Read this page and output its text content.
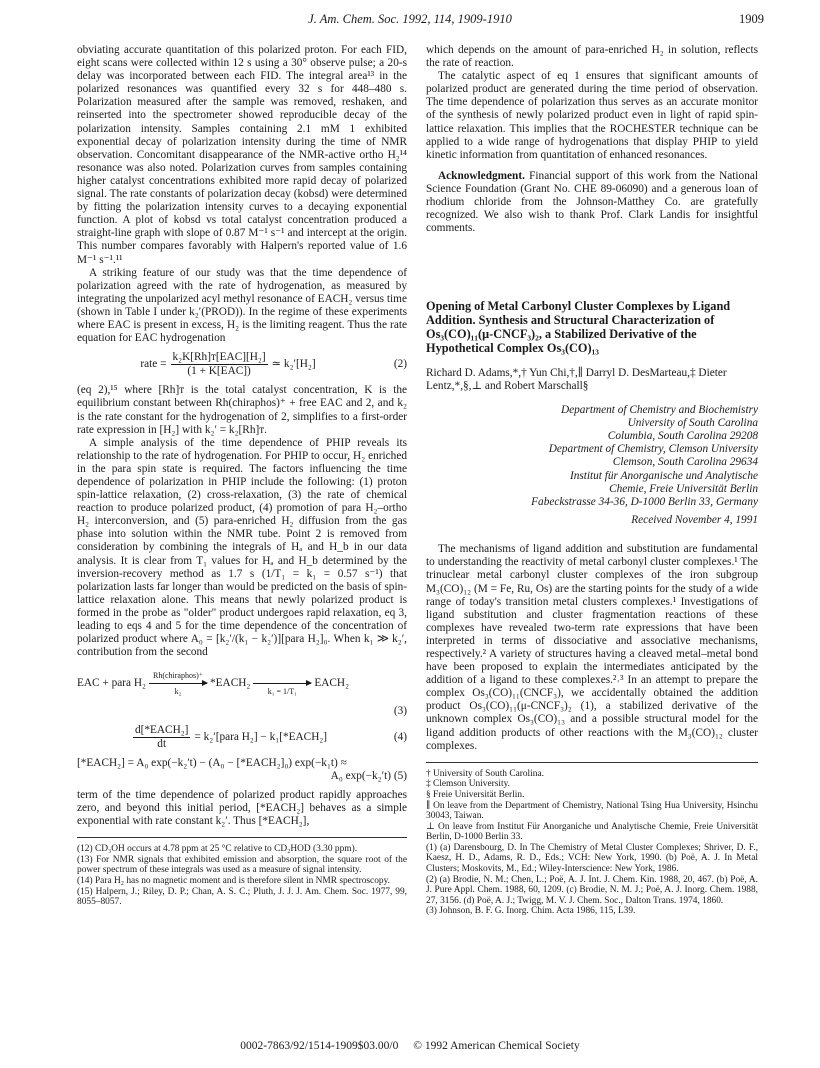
J. Am. Chem. Soc. 1992, 114, 1909-1910	1909

obviating accurate quantitation of this polarized proton. For each FID, eight scans were collected within 12 s using a 30° observe pulse; a 20-s delay was incorporated between each FID. The integral area¹³ in the polarized resonances was quantified every 32 s for 448–480 s. Polarization measured after the sample was removed, reshaken, and reinserted into the spectrometer showed reproducible decay of the polarization intensity. Samples containing 2.1 mM 1 exhibited exponential decay of polarization intensity during the time of NMR observation. Concomitant disappearance of the NMR-active ortho H₂¹⁴ resonance was also noted. Polarization curves from samples containing higher catalyst concentrations exhibited more rapid decay of polarized signal. The rate constants of polarization decay (kobsd) were determined by fitting the polarization intensity curves to a decaying exponential function. A plot of kobsd vs total catalyst concentration produced a straight-line graph with slope of 0.87 M⁻¹ s⁻¹ and intercept at the origin. This number compares favorably with Halpern's reported value of 1.6 M⁻¹ s⁻¹.¹¹

A striking feature of our study was that the time dependence of polarization agreed with the rate of hydrogenation, as measured by integrating the unpolarized acyl methyl resonance of EACH₂ versus time (shown in Table I under k₂′(PROD)). In the regime of these experiments where EAC is present in excess, H₂ is the limiting reagent. Thus the rate equation for EAC hydrogenation

rate = $\frac{\text{k₂K[Rh]ᴛ[EAC][H₂]}}{\text{(1 + K[EAC])}}$ ≃ k₂′[H₂]	(2)

(eq 2),¹⁵ where [Rh]ᴛ is the total catalyst concentration, K is the equilibrium constant between Rh(chiraphos)⁺ + free EAC and 2, and k₂ is the rate constant for the hydrogenation of 2, simplifies to a first-order rate expression in [H₂] with k₂′ = k₂[Rh]ᴛ.

A simple analysis of the time dependence of PHIP reveals its relationship to the rate of hydrogenation. For PHIP to occur, H₂ enriched in the para spin state is required. The factors influencing the time dependence of polarization in PHIP include the following: (1) proton spin-lattice relaxation, (2) cross-relaxation, (3) the rate of chemical reaction to produce polarized product, (4) promotion of para H₂–ortho H₂ interconversion, and (5) para-enriched H₂ diffusion from the gas phase into solution within the NMR tube. Point 2 is removed from consideration by combining the integrals of Hₐ and H_b in our data analysis. It is clear from T₁ values for Hₐ and H_b determined by the inversion-recovery method as 1.7 s (1/T₁ = k₁ = 0.57 s⁻¹) that polarization lasts far longer than would be predicted on the basis of spin-lattice relaxation alone. This means that newly polarized product is formed in the probe as "older" product undergoes rapid relaxation, eq 3, leading to eqs 4 and 5 for the time dependence of the concentration of polarized product where A₀ = [k₂′/(k₁ − k₂′)][para H₂]₀. When k₁ ≫ k₂′, contribution from the second

EAC + para H₂
Rh(chiraphos)⁺
k₂
*EACH₂

k₁ = 1/T₁
EACH₂
(3)
$\frac{\text{d[*EACH₂]}}{dt}$ = k₂′[para H₂] − k₁[*EACH₂]	(4)
[*EACH₂] = A₀ exp(−k₂′t) − (A₀ − [*EACH₂]₀) exp(−k₁t) ≈
A₀ exp(−k₂′t) (5)

term of the time dependence of polarized product rapidly approaches zero, and beyond this initial period, [*EACH₂] behaves as a simple exponential with rate constant k₂′. Thus [*EACH₂],

(12) CD₃OH occurs at 4.78 ppm at 25 °C relative to CD₂HOD (3.30 ppm).

(13) For NMR signals that exhibited emission and absorption, the square root of the power spectrum of these integrals was used as a measure of signal intensity.

(14) Para H₂ has no magnetic moment and is therefore silent in NMR spectroscopy.

(15) Halpern, J.; Riley, D. P.; Chan, A. S. C.; Pluth, J. J. J. Am. Chem. Soc. 1977, 99, 8055–8057.

which depends on the amount of para-enriched H₂ in solution, reflects the rate of reaction.

The catalytic aspect of eq 1 ensures that significant amounts of polarized product are generated during the time period of observation. The time dependence of polarization thus serves as an accurate monitor of the synthesis of newly polarized product even in light of rapid spin-lattice relaxation. This implies that the ROCHESTER technique can be applied to a wide range of hydrogenations that display PHIP to yield kinetic information from quantitation of enhanced resonances.

Acknowledgment. Financial support of this work from the National Science Foundation (Grant No. CHE 89-06090) and a generous loan of rhodium chloride from the Johnson-Matthey Co. are gratefully recognized. We also wish to thank Prof. Clark Landis for insightful comments.

Opening of Metal Carbonyl Cluster Complexes by Ligand Addition. Synthesis and Structural Characterization of Os₃(CO)₁₁(μ-CNCF₃)₂, a Stabilized Derivative of the Hypothetical Complex Os₃(CO)₁₃
Richard D. Adams,*,† Yun Chi,†,∥ Darryl D. DesMarteau,‡ Dieter Lentz,*,§,⊥ and Robert Marschall§
Department of Chemistry and Biochemistry
University of South Carolina
Columbia, South Carolina 29208
Department of Chemistry, Clemson University
Clemson, South Carolina 29634
Institut für Anorganische und Analytische
Chemie, Freie Universität Berlin
Fabeckstrasse 34-36, D-1000 Berlin 33, Germany
Received November 4, 1991

The mechanisms of ligand addition and substitution are fundamental to understanding the reactivity of metal carbonyl cluster complexes.¹ The trinuclear metal carbonyl cluster complexes of the iron subgroup M₃(CO)₁₂ (M = Fe, Ru, Os) are the starting points for the study of a wide range of today's transition metal clusters complexes.¹ Investigations of ligand substitution and cluster fragmentation reactions of these complexes have revealed two-term rate expressions that have been interpreted in terms of dissociative and associative mechanisms, respectively.² A variety of structures having a cleaved metal–metal bond have been proposed to explain the intermediates anticipated by the addition of a ligand to these complexes.²˒³ In an attempt to prepare the complex Os₃(CO)₁₁(CNCF₃), we accidentally obtained the addition product Os₃(CO)₁₁(μ-CNCF₃)₂ (1), a stabilized derivative of the unknown complex Os₃(CO)₁₃ and a possible structural model for the ligand addition products of other reactions with the M₃(CO)₁₂ cluster complexes.

† University of South Carolina.

‡ Clemson University.

§ Freie Universität Berlin.

∥ On leave from the Department of Chemistry, National Tsing Hua University, Hsinchu 30043, Taiwan.

⊥ On leave from Institut Für Anorganiche und Analytische Chemie, Freie Universität Berlin, D-1000 Berlin 33.

(1) (a) Darensbourg, D. In The Chemistry of Metal Cluster Complexes; Shriver, D. F., Kaesz, H. D., Adams, R. D., Eds.; VCH: New York, 1990. (b) Poë, A. J. In Metal Clusters; Moskovits, M., Ed.; Wiley-Interscience: New York, 1986.

(2) (a) Brodie, N. M.; Chen, L.; Poë, A. J. Int. J. Chem. Kin. 1988, 20, 467. (b) Poë, A. J. Pure Appl. Chem. 1988, 60, 1209. (c) Brodie, N. M. J.; Poë, A. J. Inorg. Chem. 1988, 27, 3156. (d) Poë, A. J.; Twigg, M. V. J. Chem. Soc., Dalton Trans. 1974, 1860.

(3) Johnson, B. F. G. Inorg. Chim. Acta 1986, 115, L39.

0002-7863/92/1514-1909$03.00/0 © 1992 American Chemical Society
